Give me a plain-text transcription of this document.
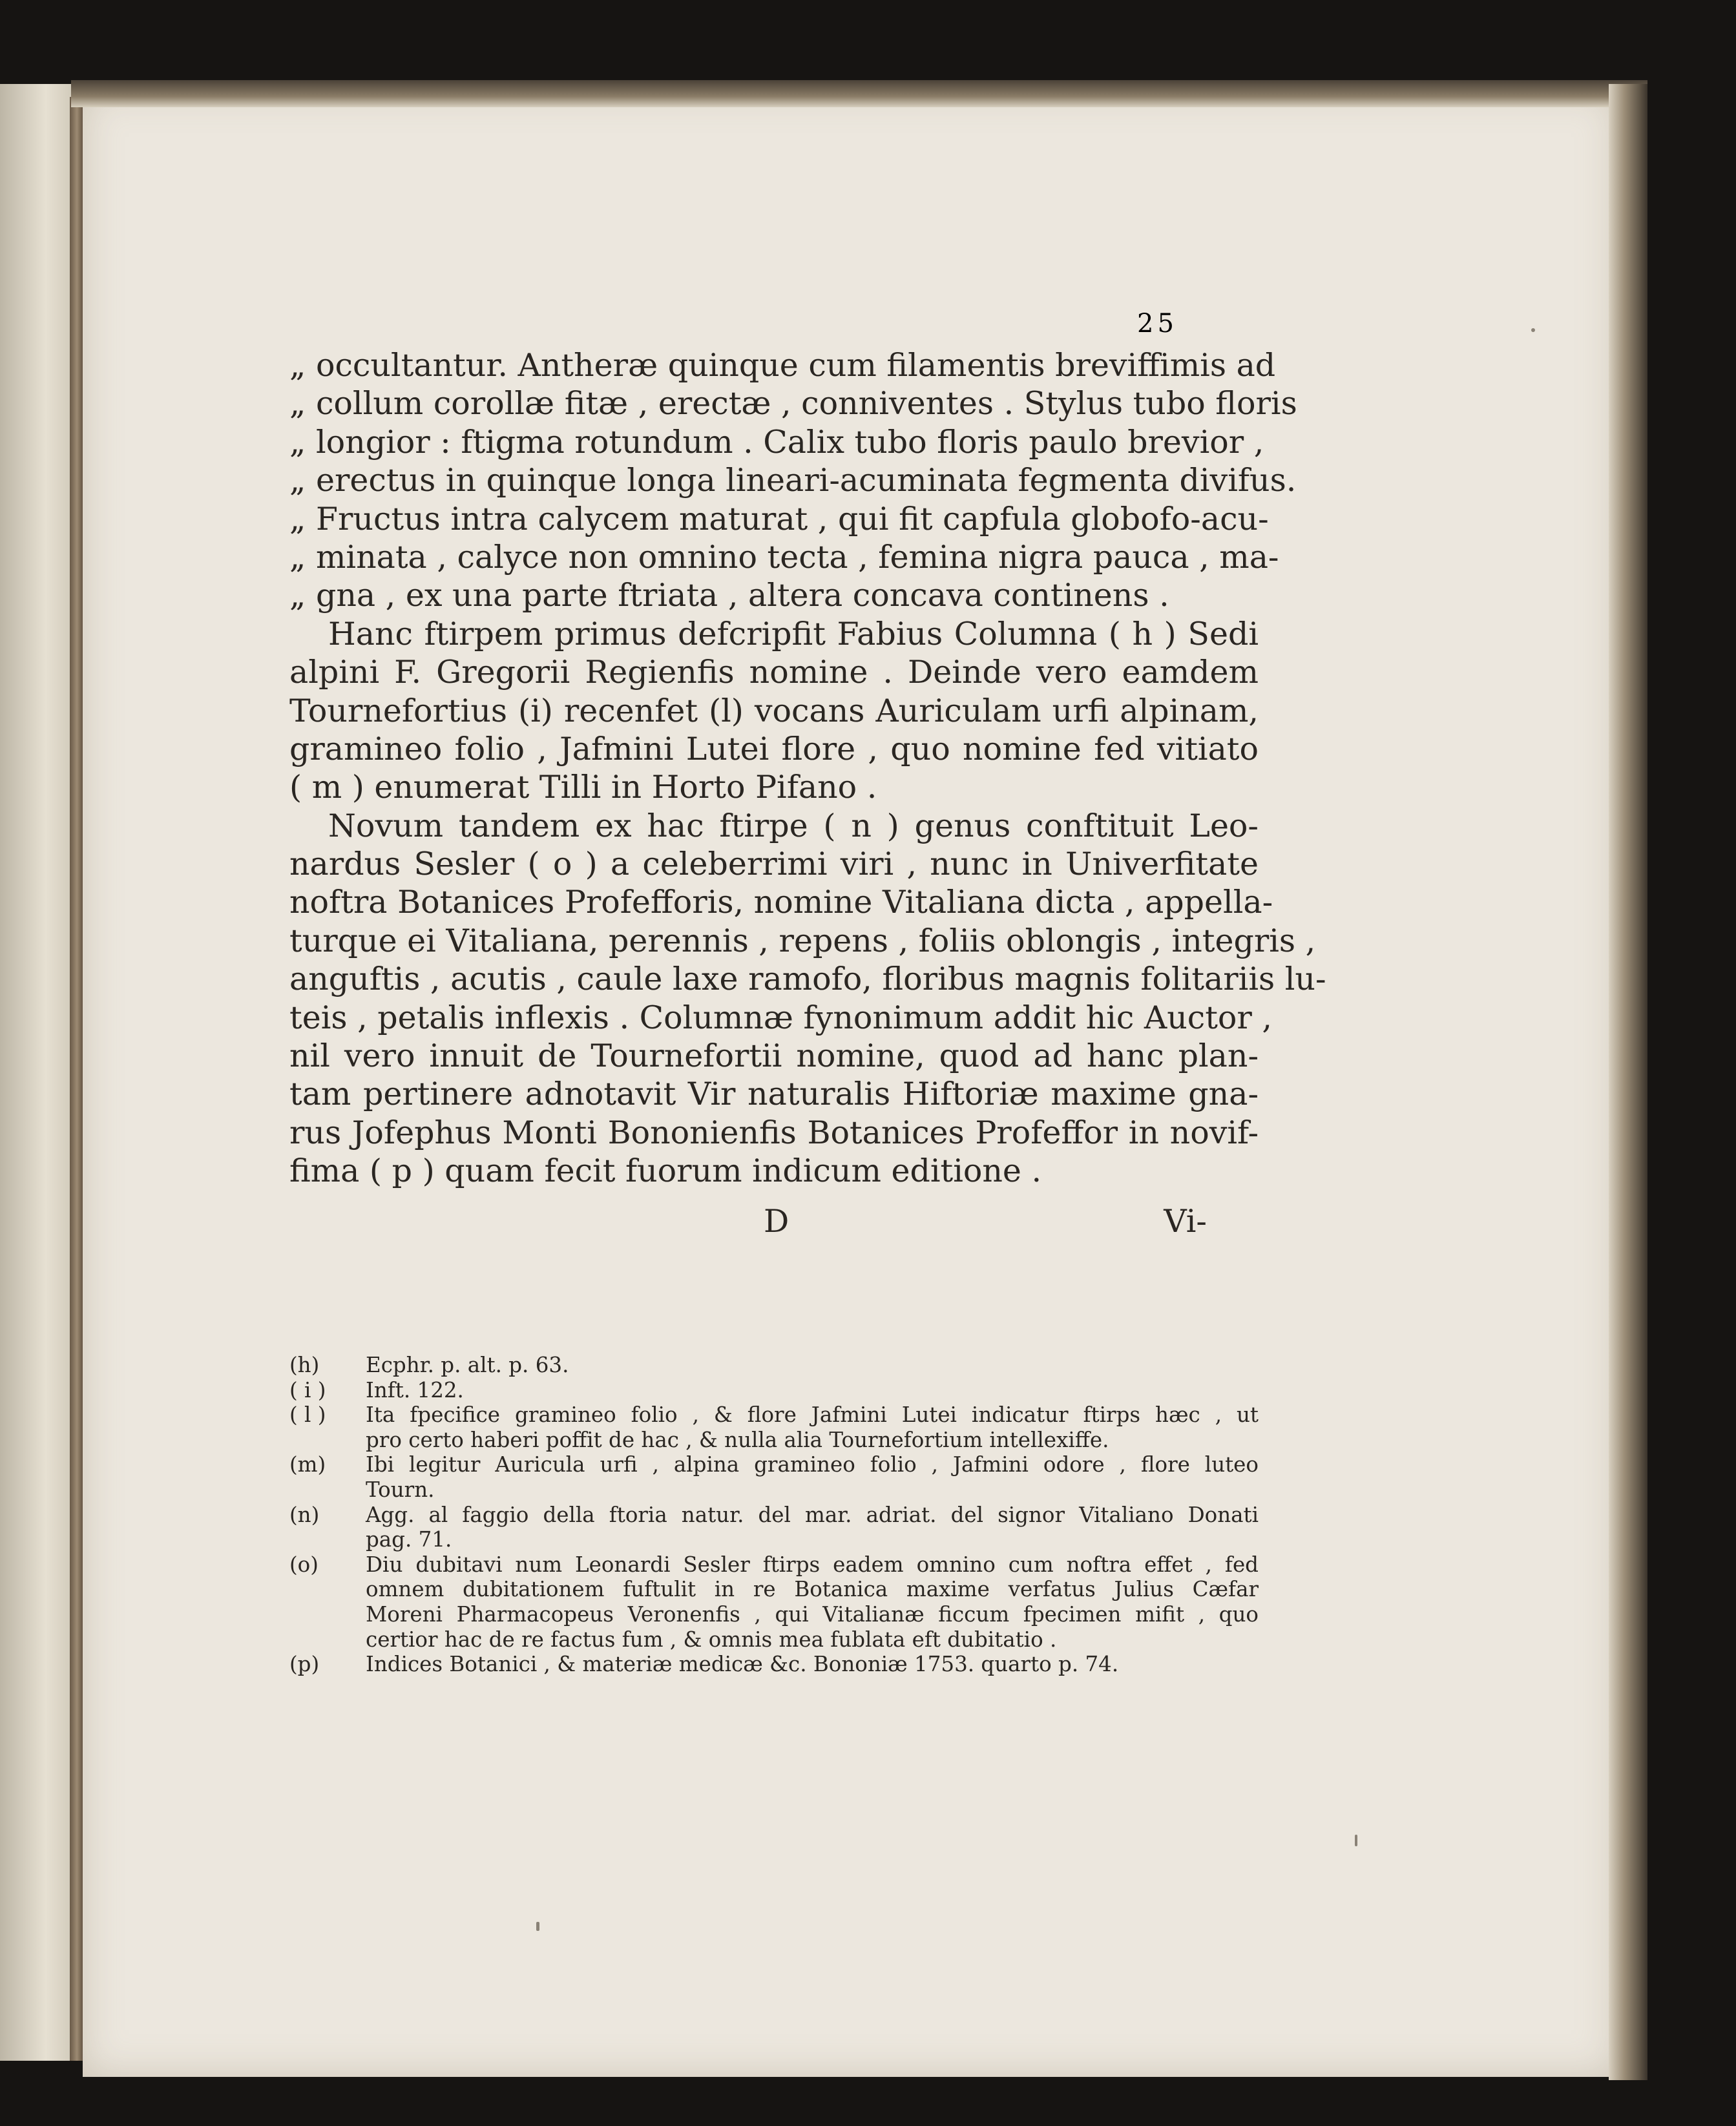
25
„ occultantur. Antheræ quinque cum filamentis breviffimis ad
„ collum corollæ fitæ , erectæ , conniventes . Stylus tubo floris
„ longior : ftigma rotundum . Calix tubo floris paulo brevior ,
„ erectus in quinque longa lineari-acuminata fegmenta divifus.
„ Fructus intra calycem maturat , qui fit capfula globofo-acu-
„ minata , calyce non omnino tecta , femina nigra pauca , ma-
„ gna , ex una parte ftriata , altera concava continens .
Hanc ftirpem primus defcripfit Fabius Columna ( h ) Sedi
alpini F. Gregorii Regienfis nomine . Deinde vero eamdem
Tournefortius (i) recenfet (l) vocans Auriculam urfi alpinam,
gramineo folio , Jafmini Lutei flore , quo nomine fed vitiato
( m ) enumerat Tilli in Horto Pifano .
Novum tandem ex hac ftirpe ( n ) genus conftituit Leo-
nardus Sesler ( o ) a celeberrimi viri , nunc in Univerfitate
noftra Botanices Profefforis, nomine Vitaliana dicta , appella-
turque ei Vitaliana, perennis , repens , foliis oblongis , integris ,
anguftis , acutis , caule laxe ramofo, floribus magnis folitariis lu-
teis , petalis inflexis . Columnæ fynonimum addit hic Auctor ,
nil vero innuit de Tournefortii nomine, quod ad hanc plan-
tam pertinere adnotavit Vir naturalis Hiftoriæ maxime gna-
rus Jofephus Monti Bononienfis Botanices Profeffor in novif-
fima ( p ) quam fecit fuorum indicum editione .
D	Vi-
(h) Ecphr. p. alt. p. 63.
( i ) Inft. 122.
( l ) Ita fpecifice gramineo folio , & flore Jafmini Lutei indicatur ftirps hæc , ut
pro certo haberi poffit de hac , & nulla alia Tournefortium intellexiffe.
(m) Ibi legitur Auricula urfi , alpina gramineo folio , Jafmini odore , flore luteo
Tourn.
(n) Agg. al faggio della ftoria natur. del mar. adriat. del signor Vitaliano Donati
pag. 71.
(o) Diu dubitavi num Leonardi Sesler ftirps eadem omnino cum noftra effet , fed
omnem dubitationem fuftulit in re Botanica maxime verfatus Julius Cæfar
Moreni Pharmacopeus Veronenfis , qui Vitalianæ ficcum fpecimen mifit , quo
certior hac de re factus fum , & omnis mea fublata eft dubitatio .
(p) Indices Botanici , & materiæ medicæ &c. Bononiæ 1753. quarto p. 74.
